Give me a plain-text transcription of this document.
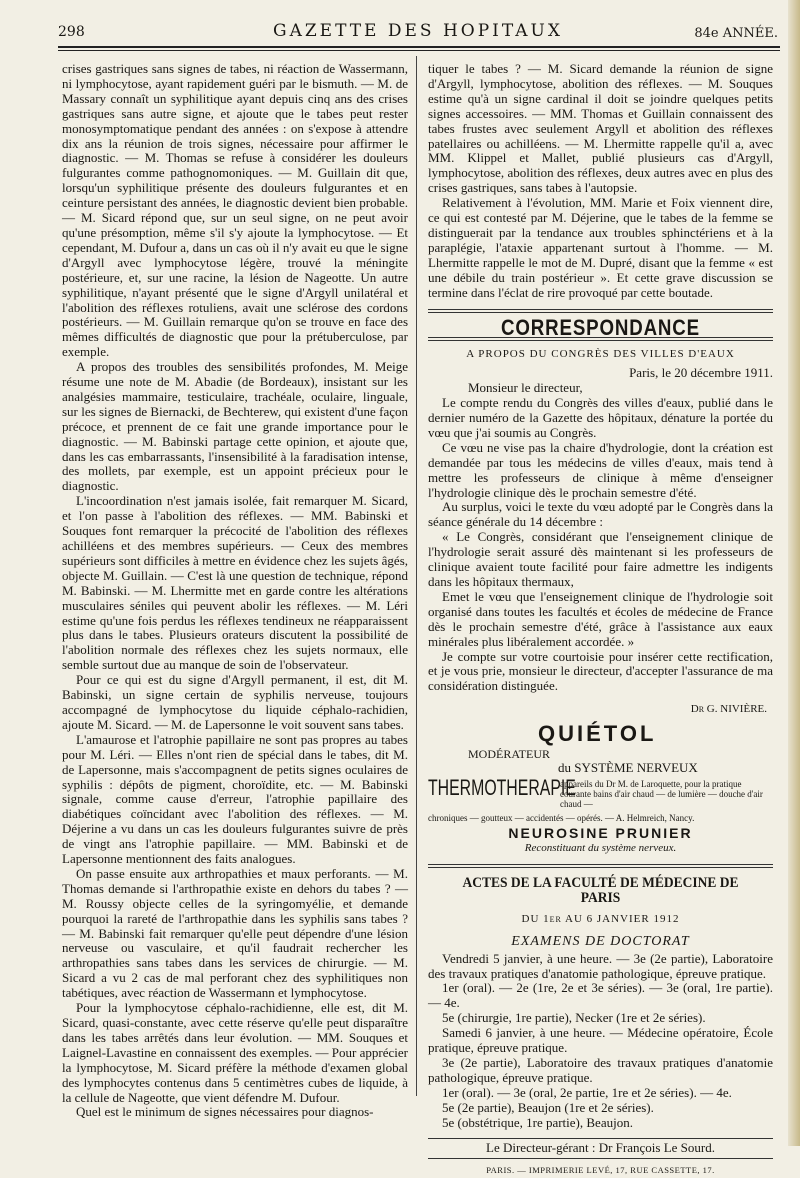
298	GAZETTE DES HOPITAUX	84e ANNÉE.

crises gastriques sans signes de tabes, ni réaction de Wassermann, ni lymphocytose, ayant rapidement guéri par le bismuth. — M. de Massary connaît un syphilitique ayant depuis cinq ans des crises gastriques sans autre signe, et ajoute que le tabes peut rester monosymptomatique pendant des années : on s'expose à attendre dix ans la réunion de trois signes, nécessaire pour affirmer le diagnostic. — M. Thomas se refuse à considérer les douleurs fulgurantes comme pathognomoniques. — M. Guillain dit que, lorsqu'un syphilitique présente des douleurs fulgurantes et en ceinture persistant des années, le diagnostic devient bien probable. — M. Sicard répond que, sur un seul signe, on ne peut avoir qu'une présomption, même s'il s'y ajoute la lymphocytose. — Et cependant, M. Dufour a, dans un cas où il n'y avait eu que le signe d'Argyll avec lymphocytose légère, trouvé la méningite postérieure, et, sur une racine, la lésion de Nageotte. Un autre syphilitique, n'ayant présenté que le signe d'Argyll unilatéral et l'abolition des réflexes rotuliens, avait une sclérose des cordons postérieurs. — M. Guillain remarque qu'on se trouve en face des mêmes difficultés de diagnostic que pour la prétuberculose, par exemple.

A propos des troubles des sensibilités profondes, M. Meige résume une note de M. Abadie (de Bordeaux), insistant sur les analgésies mammaire, testiculaire, trachéale, oculaire, linguale, sur les signes de Biernacki, de Bechterew, qui existent d'une façon précoce, et prennent de ce fait une grande importance pour le diagnostic. — M. Babinski partage cette opinion, et ajoute que, dans les cas embarrassants, l'insensibilité à la faradisation intense, des mollets, par exemple, est un appoint précieux pour le diagnostic.

L'incoordination n'est jamais isolée, fait remarquer M. Sicard, et l'on passe à l'abolition des réflexes. — MM. Babinski et Souques font remarquer la précocité de l'abolition des réflexes achilléens et des membres supérieurs. — Ceux des membres supérieurs sont difficiles à mettre en évidence chez les sujets âgés, objecte M. Guillain. — C'est là une question de technique, répond M. Babinski. — M. Lhermitte met en garde contre les altérations musculaires séniles qui peuvent abolir les réflexes. — M. Léri estime qu'une fois perdus les réflexes tendineux ne réapparaissent plus dans le tabes. Plusieurs orateurs discutent la possibilité de l'abolition normale des réflexes chez les sujets normaux, elle semble surtout due au manque de soin de l'observateur.

Pour ce qui est du signe d'Argyll permanent, il est, dit M. Babinski, un signe certain de syphilis nerveuse, toujours accompagné de lymphocytose du liquide céphalo-rachidien, ajoute M. Sicard. — M. de Lapersonne le voit souvent sans tabes.

L'amaurose et l'atrophie papillaire ne sont pas propres au tabes pour M. Léri. — Elles n'ont rien de spécial dans le tabes, dit M. de Lapersonne, mais s'accompagnent de petits signes oculaires de syphilis : dépôts de pigment, choroïdite, etc. — M. Babinski signale, comme cause d'erreur, l'atrophie papillaire des diabétiques coïncidant avec l'abolition des réflexes. — M. Déjerine a vu dans un cas les douleurs fulgurantes suivre de près de vingt ans l'atrophie papillaire. — MM. Babinski et de Lapersonne mentionnent des faits analogues.

On passe ensuite aux arthropathies et maux perforants. — M. Thomas demande si l'arthropathie existe en dehors du tabes ? — M. Roussy objecte celles de la syringomyélie, et demande pourquoi la rareté de l'arthropathie dans les syphilis sans tabes ? — M. Babinski fait remarquer qu'elle peut dépendre d'une lésion nerveuse ou vasculaire, et qu'il faudrait rechercher les arthropathies sans tabes dans les services de chirurgie. — M. Sicard a vu 2 cas de mal perforant chez des syphilitiques non tabétiques, avec réaction de Wassermann et lymphocytose.

Pour la lymphocytose céphalo-rachidienne, elle est, dit M. Sicard, quasi-constante, avec cette réserve qu'elle peut disparaître dans les tabes arrêtés dans leur évolution. — MM. Souques et Laignel-Lavastine en connaissent des exemples. — Pour apprécier la lymphocytose, M. Sicard préfère la méthode d'examen global des lymphocytes contenus dans 5 centimètres cubes de liquide, à la cellule de Nageotte, que vient défendre M. Dufour.

Quel est le minimum de signes nécessaires pour diagnos-

tiquer le tabes ? — M. Sicard demande la réunion de signe d'Argyll, lymphocytose, abolition des réflexes. — M. Souques estime qu'à un signe cardinal il doit se joindre quelques petits signes accessoires. — MM. Thomas et Guillain connaissent des tabes frustes avec seulement Argyll et abolition des réflexes patellaires ou achilléens. — M. Lhermitte rappelle qu'il a, avec MM. Klippel et Mallet, publié plusieurs cas d'Argyll, lymphocytose, abolition des réflexes, deux autres avec en plus des crises gastriques, sans tabes à l'autopsie.

Relativement à l'évolution, MM. Marie et Foix viennent dire, ce qui est contesté par M. Déjerine, que le tabes de la femme se distinguerait par la tendance aux troubles sphinctériens et à la paraplégie, l'ataxie appartenant surtout à l'homme. — M. Lhermitte rappelle le mot de M. Dupré, disant que la femme « est une débile du train postérieur ». Et cette grave discussion se termine dans l'éclat de rire provoqué par cette boutade.

CORRESPONDANCE
A PROPOS DU CONGRÈS DES VILLES D'EAUX
Paris, le 20 décembre 1911.

Monsieur le directeur,

Le compte rendu du Congrès des villes d'eaux, publié dans le dernier numéro de la Gazette des hôpitaux, dénature la portée du vœu que j'ai soumis au Congrès.

Ce vœu ne vise pas la chaire d'hydrologie, dont la création est demandée par tous les médecins de villes d'eaux, mais tend à mettre les professeurs de clinique à même d'enseigner l'hydrologie clinique dès le prochain semestre d'été.

Au surplus, voici le texte du vœu adopté par le Congrès dans la séance générale du 14 décembre :

« Le Congrès, considérant que l'enseignement clinique de l'hydrologie serait assuré dès maintenant si les professeurs de clinique avaient toute facilité pour faire admettre les indigents dans les hôpitaux thermaux,

Emet le vœu que l'enseignement clinique de l'hydrologie soit organisé dans toutes les facultés et écoles de médecine de France dès le prochain semestre d'été, grâce à l'assistance aux eaux minérales plus libéralement accordée. »

Je compte sur votre courtoisie pour insérer cette rectification, et je vous prie, monsieur le directeur, d'accepter l'assurance de ma considération distinguée.

Dr G. NIVIÈRE.
QUIÉTOL
MODÉRATEUR
du SYSTÈME NERVEUX
THERMOTHERAPIE
appareils du Dr M. de Laroquette, pour la pratique courante bains d'air chaud — de lumière — douche d'air chaud —
chroniques — goutteux — accidentés — opérés. — A. Helmreich, Nancy.
NEUROSINE PRUNIER
Reconstituant du système nerveux.
ACTES DE LA FACULTÉ DE MÉDECINE DE PARIS
DU 1er AU 6 JANVIER 1912
EXAMENS DE DOCTORAT

Vendredi 5 janvier, à une heure. — 3e (2e partie), Laboratoire des travaux pratiques d'anatomie pathologique, épreuve pratique.

1er (oral). — 2e (1re, 2e et 3e séries). — 3e (oral, 1re partie). — 4e.

5e (chirurgie, 1re partie), Necker (1re et 2e séries).

Samedi 6 janvier, à une heure. — Médecine opératoire, École pratique, épreuve pratique.

3e (2e partie), Laboratoire des travaux pratiques d'anatomie pathologique, épreuve pratique.

1er (oral). — 3e (oral, 2e partie, 1re et 2e séries). — 4e.

5e (2e partie), Beaujon (1re et 2e séries).

5e (obstétrique, 1re partie), Beaujon.

Le Directeur-gérant : Dr François Le Sourd.
PARIS. — IMPRIMERIE LEVÉ, 17, RUE CASSETTE, 17.
